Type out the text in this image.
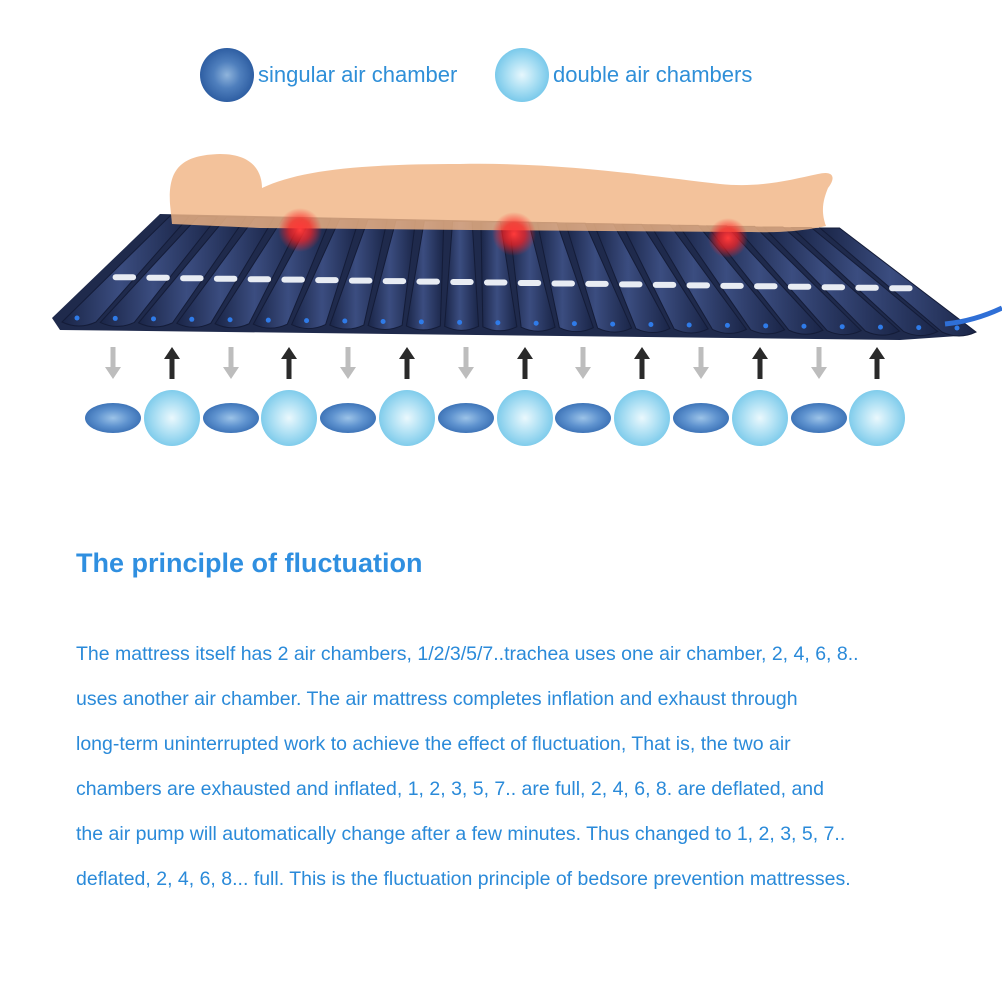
singular air chamber	double air chambers
The principle of fluctuation
The mattress itself has 2 air chambers, 1/2/3/5/7..trachea uses one air chamber, 2, 4, 6, 8..
uses another air chamber. The air mattress completes inflation and exhaust through
long-term uninterrupted work to achieve the effect of fluctuation, That is, the two air
chambers are exhausted and inflated, 1, 2, 3, 5, 7.. are full, 2, 4, 6, 8. are deflated, and
the air pump will automatically change after a few minutes. Thus changed to 1, 2, 3, 5, 7..
deflated, 2, 4, 6, 8... full. This is the fluctuation principle of bedsore prevention mattresses.
